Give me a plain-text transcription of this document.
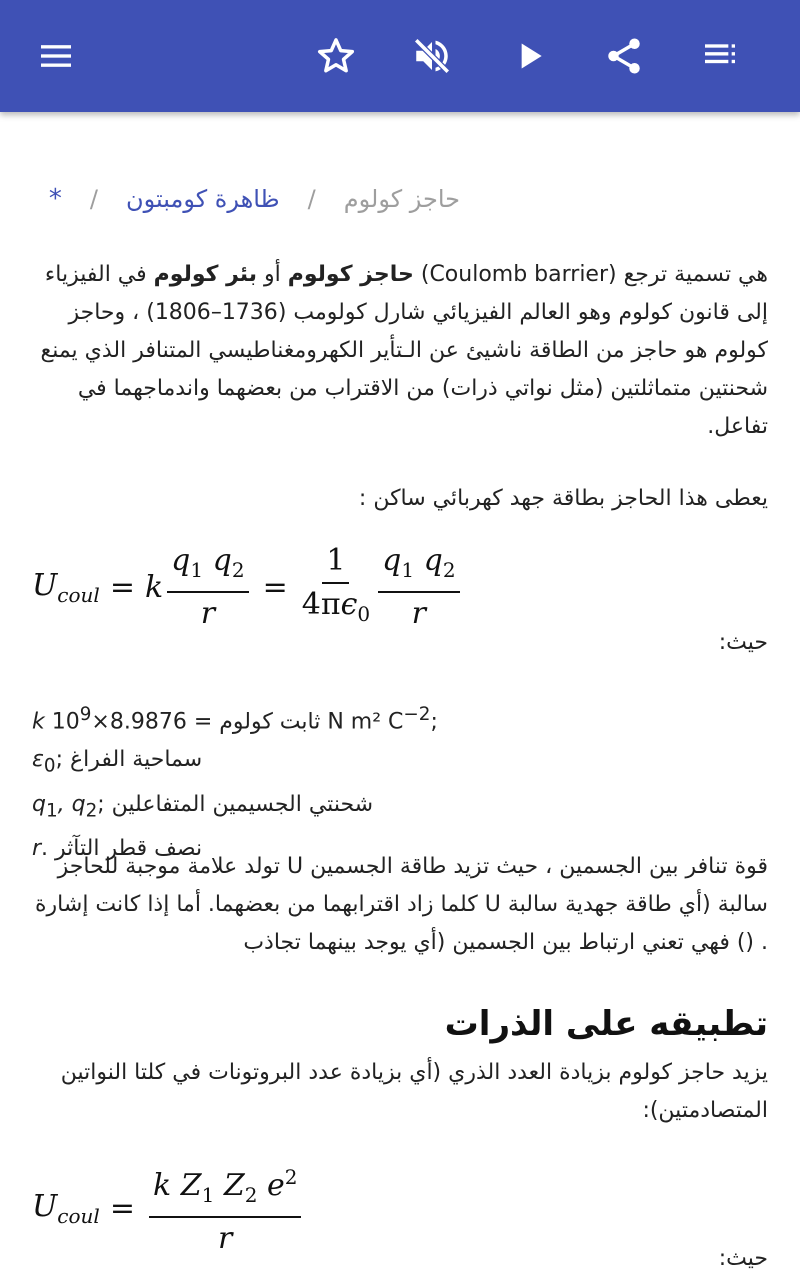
حاجز كولوم
/
ظاهرة كومبتون
/
*

هي تسمية ترجع (Coulomb barrier) حاجز كولوم أو بئر كولوم في الفيزياء إلى قانون كولوم وهو العالم الفيزيائي شارل كولومب (1736–1806) ، وحاجز كولوم هو حاجز من الطاقة ناشيئ عن الـتأير الكهرومغناطيسي المتنافر الذي يمنع شحنتين متماثلتين (مثل نواتي ذرات) من الاقتراب من بعضهما واندماجهما في تفاعل.

يعطى هذا الحاجز بطاقة جهد كهربائي ساكن :

$U_{coul} = k \frac{q_1 q_2}{r} = \frac{1}{4\pi\epsilon_0} \frac{q_1 q_2}{r}$

حيث:

k $10^9\times 8.9876$ = ثابت كولوم N m² $C^{-2}$;
$\varepsilon_0$ سماحية الفراغ ;
$q_1$, $q_2$ شحنتي الجسيمين المتفاعلين ;
r نصف قطر التآثر .

قوة تنافر بين الجسمين ، حيث تزيد طاقة الجسمين U تولد علامة موجبة للحاجز سالبة (أي طاقة جهدية سالبة U كلما زاد اقترابهما من بعضهما. أما إذا كانت إشارة . () فهي تعني ارتباط بين الجسمين (أي يوجد بينهما تجاذب

تطبيقه على الذرات

يزيد حاجز كولوم بزيادة العدد الذري (أي بزيادة عدد البروتونات في كلتا النواتين المتصادمتين):

$U_{coul} = \frac{k Z_1 Z_2 e^2}{r}$

حيث:
